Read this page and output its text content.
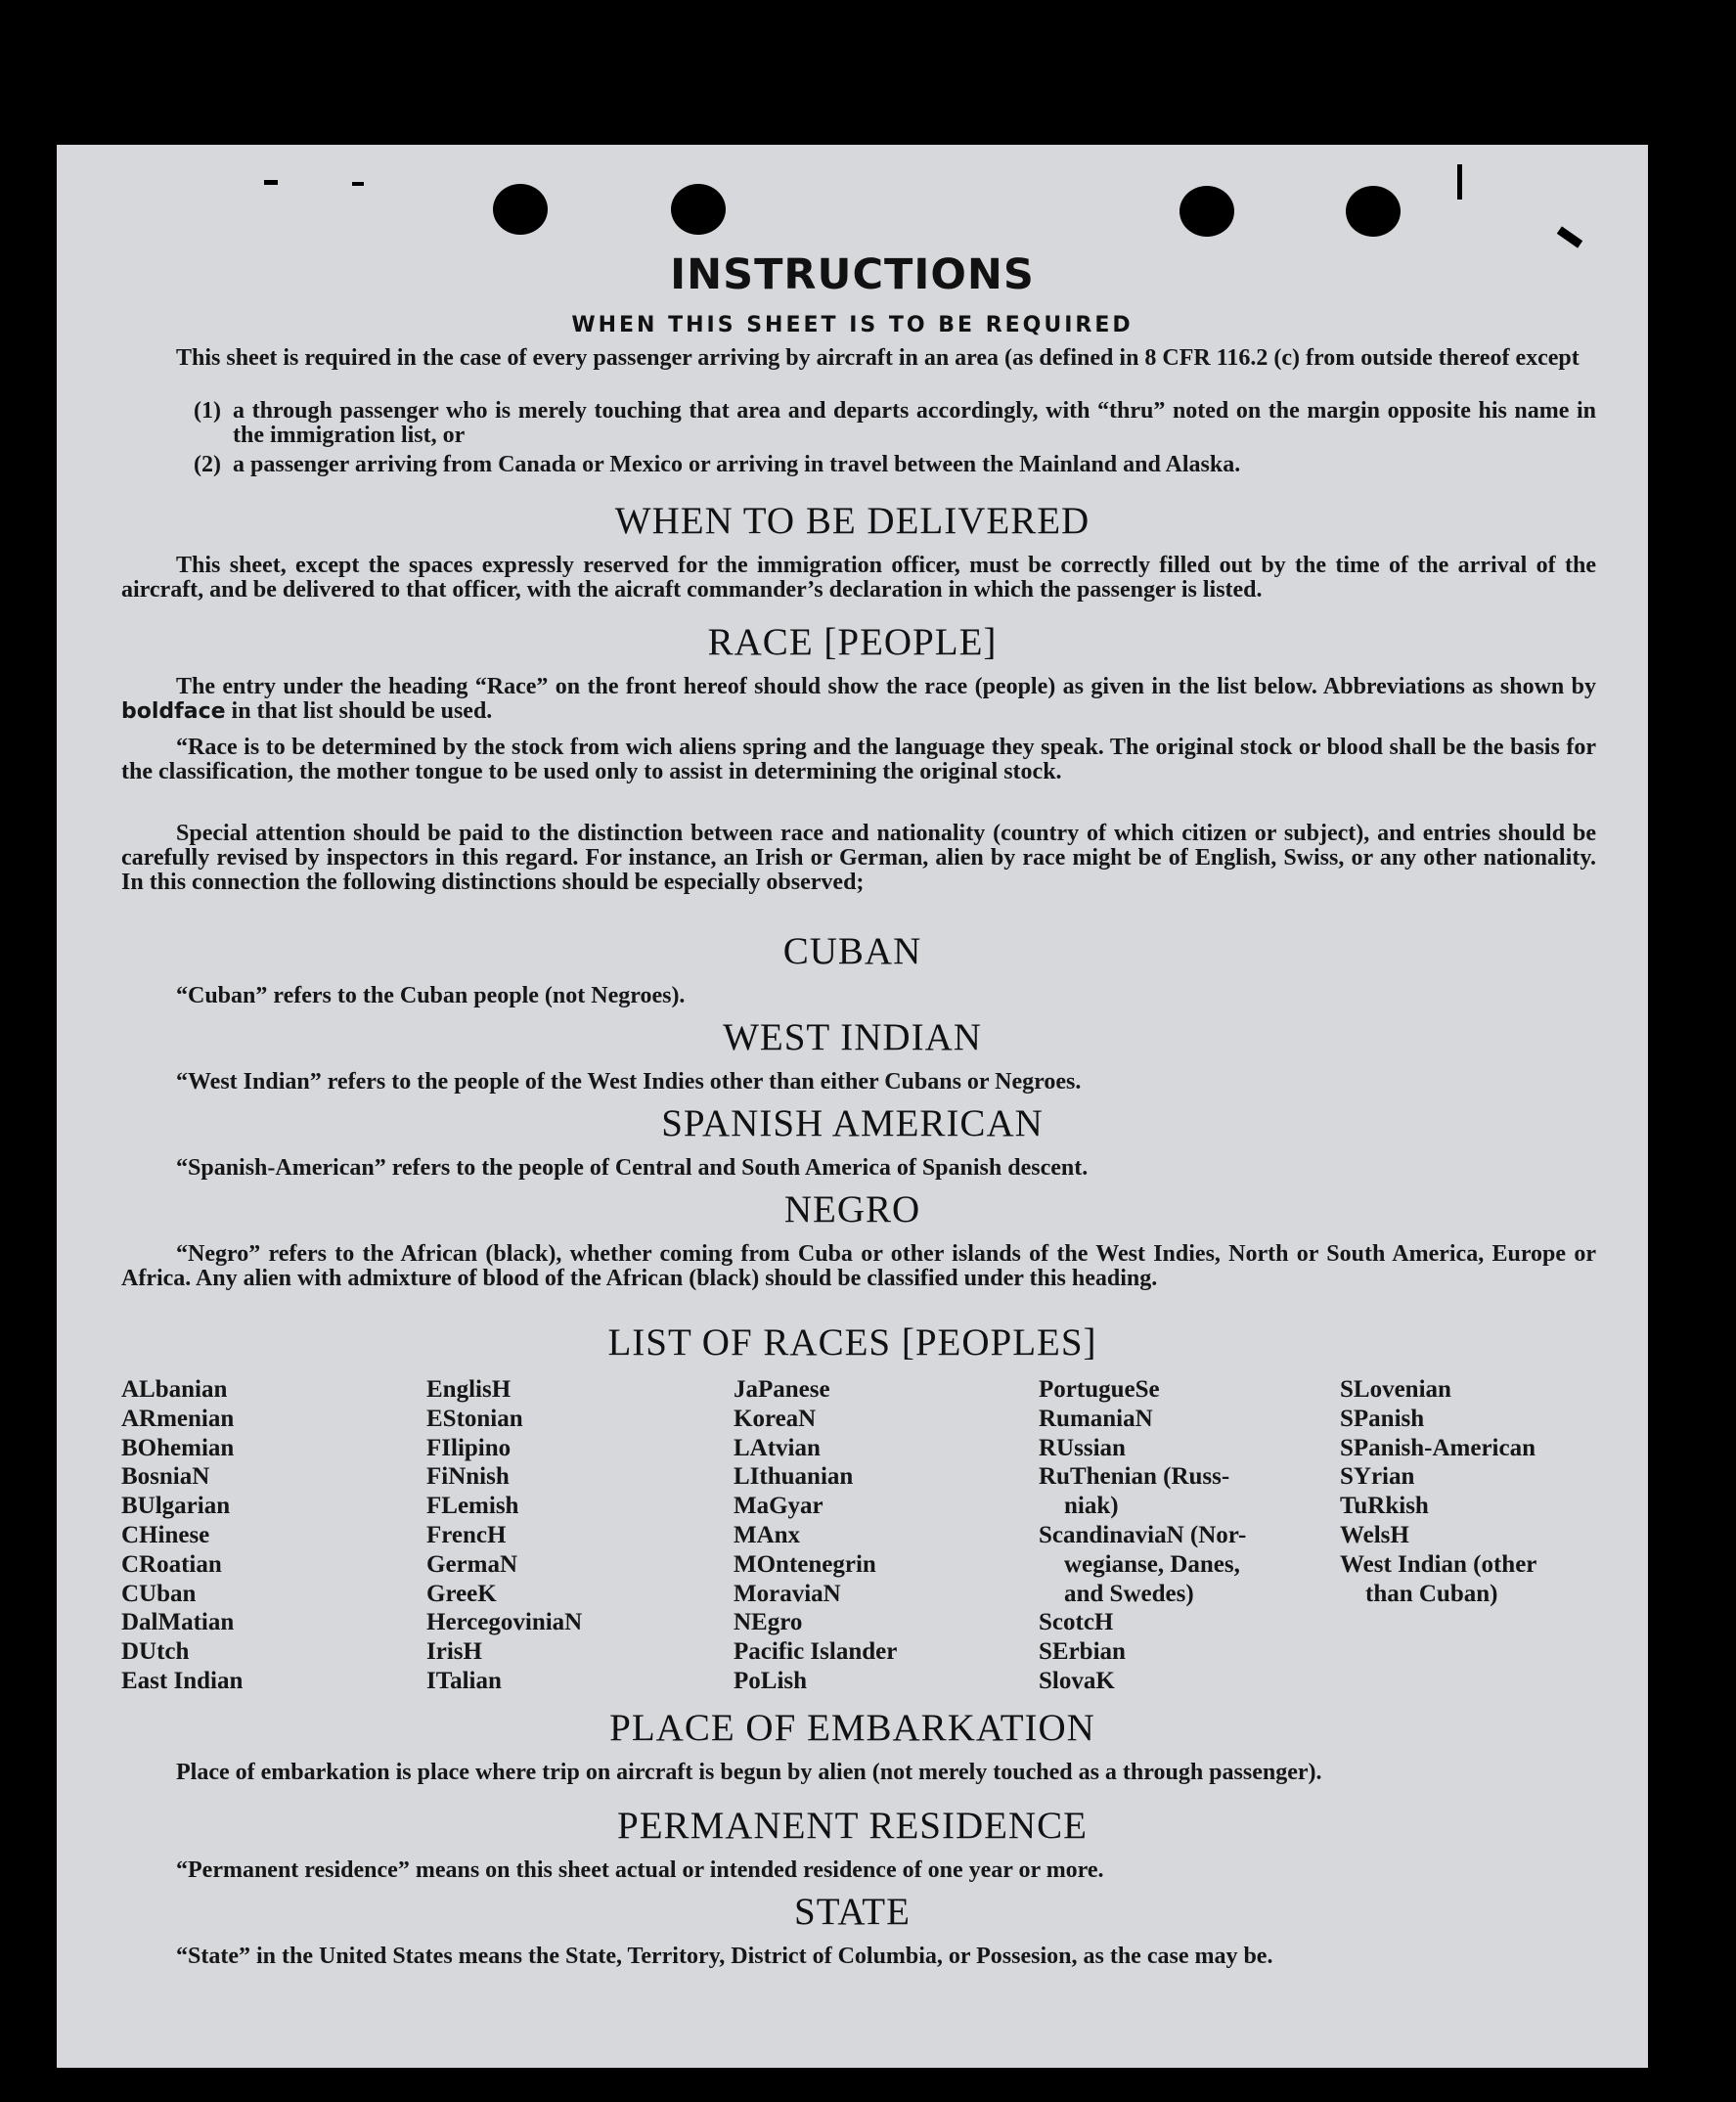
INSTRUCTIONS
WHEN THIS SHEET IS TO BE REQUIRED

This sheet is required in the case of every passenger arriving by aircraft in an area (as defined in 8 CFR 116.2 (c) from outside thereof except

(1) a through passenger who is merely touching that area and departs accordingly, with “thru” noted on the margin opposite his name in the immigration list, or

(2) a passenger arriving from Canada or Mexico or arriving in travel between the Mainland and Alaska.

WHEN TO BE DELIVERED

This sheet, except the spaces expressly reserved for the immigration officer, must be correctly filled out by the time of the arrival of the aircraft, and be delivered to that officer, with the aicraft commander’s declaration in which the passenger is listed.

RACE [PEOPLE]

The entry under the heading “Race” on the front hereof should show the race (people) as given in the list below. Abbreviations as shown by boldface in that list should be used.

“Race is to be determined by the stock from wich aliens spring and the language they speak. The original stock or blood shall be the basis for the classification, the mother tongue to be used only to assist in determining the original stock.

Special attention should be paid to the distinction between race and nationality (country of which citizen or subject), and entries should be carefully revised by inspectors in this regard. For instance, an Irish or German, alien by race might be of English, Swiss, or any other nationality. In this connection the following distinctions should be especially observed;

CUBAN

“Cuban” refers to the Cuban people (not Negroes).

WEST INDIAN

“West Indian” refers to the people of the West Indies other than either Cubans or Negroes.

SPANISH AMERICAN

“Spanish-American” refers to the people of Central and South America of Spanish descent.

NEGRO

“Negro” refers to the African (black), whether coming from Cuba or other islands of the West Indies, North or South America, Europe or Africa. Any alien with admixture of blood of the African (black) should be classified under this heading.

LIST OF RACES [PEOPLES]
ALbanian
ARmenian
BOhemian
BosniaN
BUlgarian
CHinese
CRoatian
CUban
DalMatian
DUtch
East Indian
EnglisH
EStonian
FIlipino
FiNnish
FLemish
FrencH
GermaN
GreeK
HercegoviniaN
IrisH
ITalian
JaPanese
KoreaN
LAtvian
LIthuanian
MaGyar
MAnx
MOntenegrin
MoraviaN
NEgro
Pacific Islander
PoLish
PortugueSe
RumaniaN
RUssian
RuThenian (Russ-
niak)
ScandinaviaN (Nor-
wegianse, Danes,
and Swedes)
ScotcH
SErbian
SlovaK
SLovenian
SPanish
SPanish-American
SYrian
TuRkish
WelsH
West Indian (other
than Cuban)
PLACE OF EMBARKATION

Place of embarkation is place where trip on aircraft is begun by alien (not merely touched as a through passenger).

PERMANENT RESIDENCE

“Permanent residence” means on this sheet actual or intended residence of one year or more.

STATE

“State” in the United States means the State, Territory, District of Columbia, or Possesion, as the case may be.
